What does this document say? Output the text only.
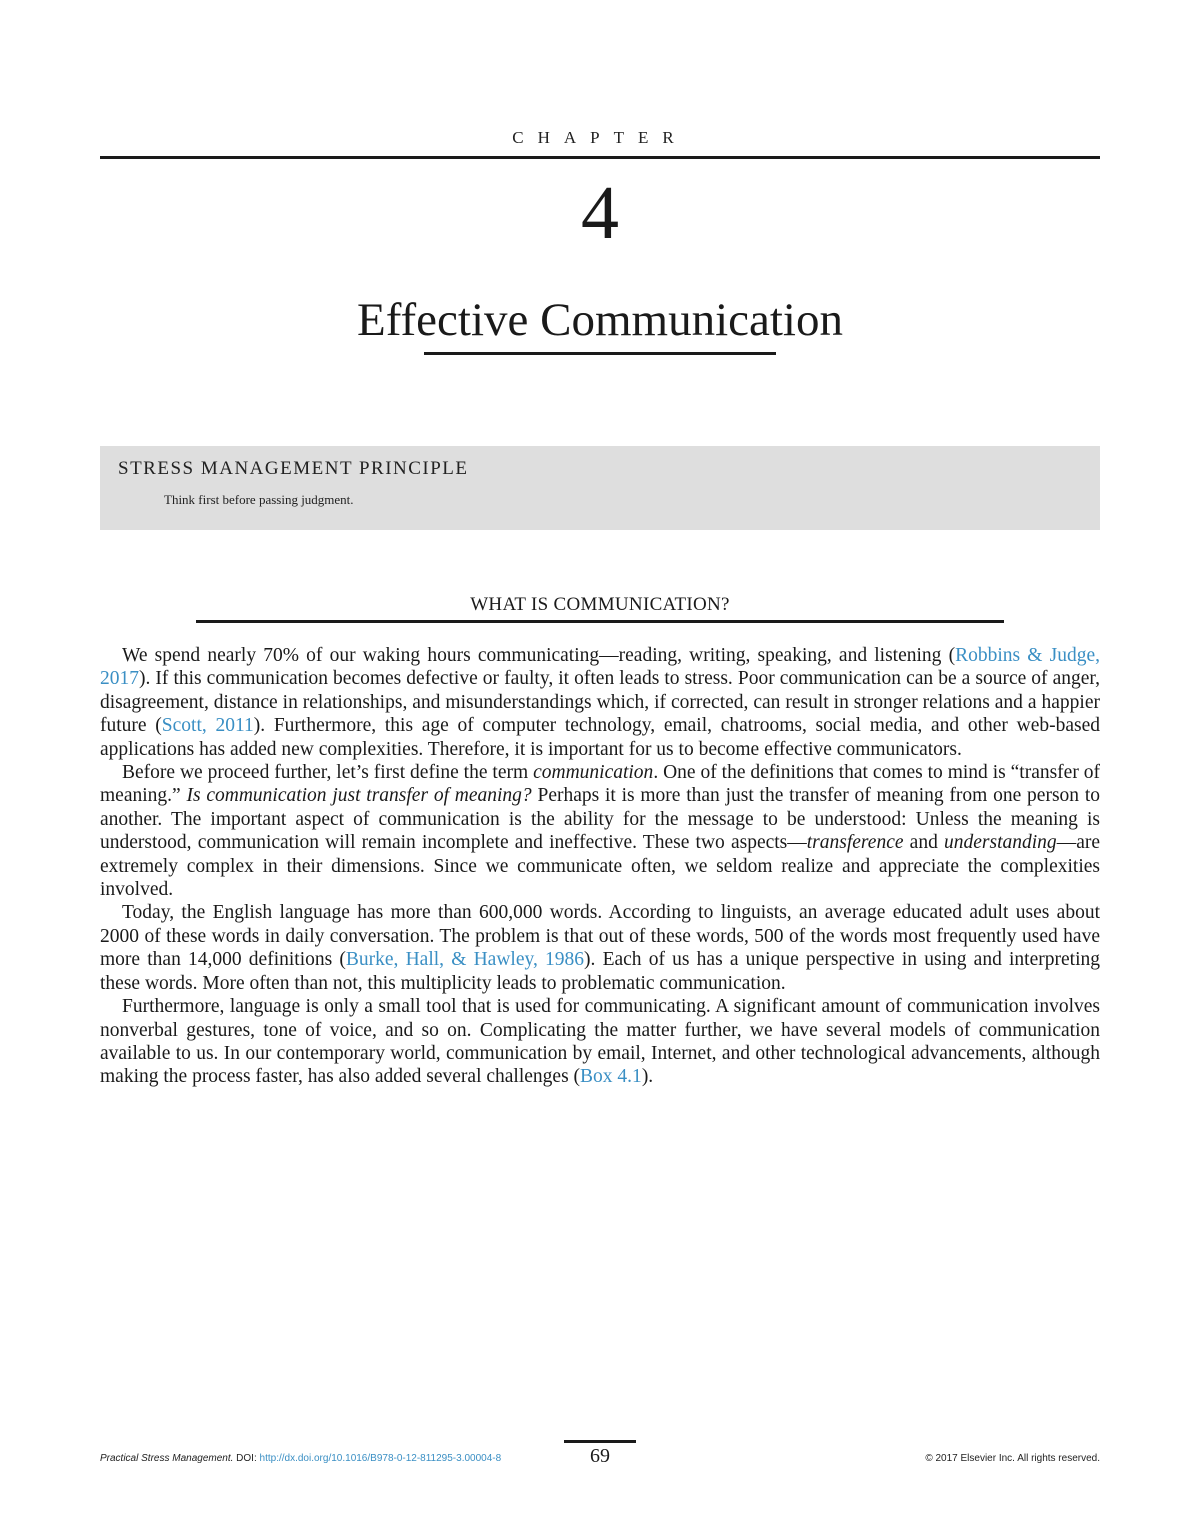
CHAPTER
4
Effective Communication
STRESS MANAGEMENT PRINCIPLE
Think first before passing judgment.
WHAT IS COMMUNICATION?

We spend nearly 70% of our waking hours communicating—reading, writing, speaking, and listening (Robbins & Judge, 2017). If this communication becomes defective or faulty, it often leads to stress. Poor communication can be a source of anger, disagreement, distance in relationships, and misunderstandings which, if corrected, can result in stronger relations and a happier future (Scott, 2011). Furthermore, this age of computer technology, email, chatrooms, social media, and other web-based applications has added new complexities. Therefore, it is important for us to become effective communicators.

Before we proceed further, let’s first define the term communication. One of the definitions that comes to mind is “transfer of meaning.” Is communication just transfer of meaning? Perhaps it is more than just the transfer of meaning from one person to another. The important aspect of communication is the ability for the message to be understood: Unless the meaning is understood, communication will remain incomplete and ineffective. These two aspects—transference and understanding—are extremely complex in their dimensions. Since we communicate often, we seldom realize and appreciate the complexities involved.

Today, the English language has more than 600,000 words. According to linguists, an average educated adult uses about 2000 of these words in daily conversation. The problem is that out of these words, 500 of the words most frequently used have more than 14,000 definitions (Burke, Hall, & Hawley, 1986). Each of us has a unique perspective in using and interpreting these words. More often than not, this multiplicity leads to problematic communication.

Furthermore, language is only a small tool that is used for communicating. A significant amount of communication involves nonverbal gestures, tone of voice, and so on. Complicating the matter further, we have several models of communication available to us. In our contemporary world, communication by email, Internet, and other technological advancements, although making the process faster, has also added several challenges (Box 4.1).

Practical Stress Management. DOI: http://dx.doi.org/10.1016/B978-0-12-811295-3.00004-8	69	© 2017 Elsevier Inc. All rights reserved.
